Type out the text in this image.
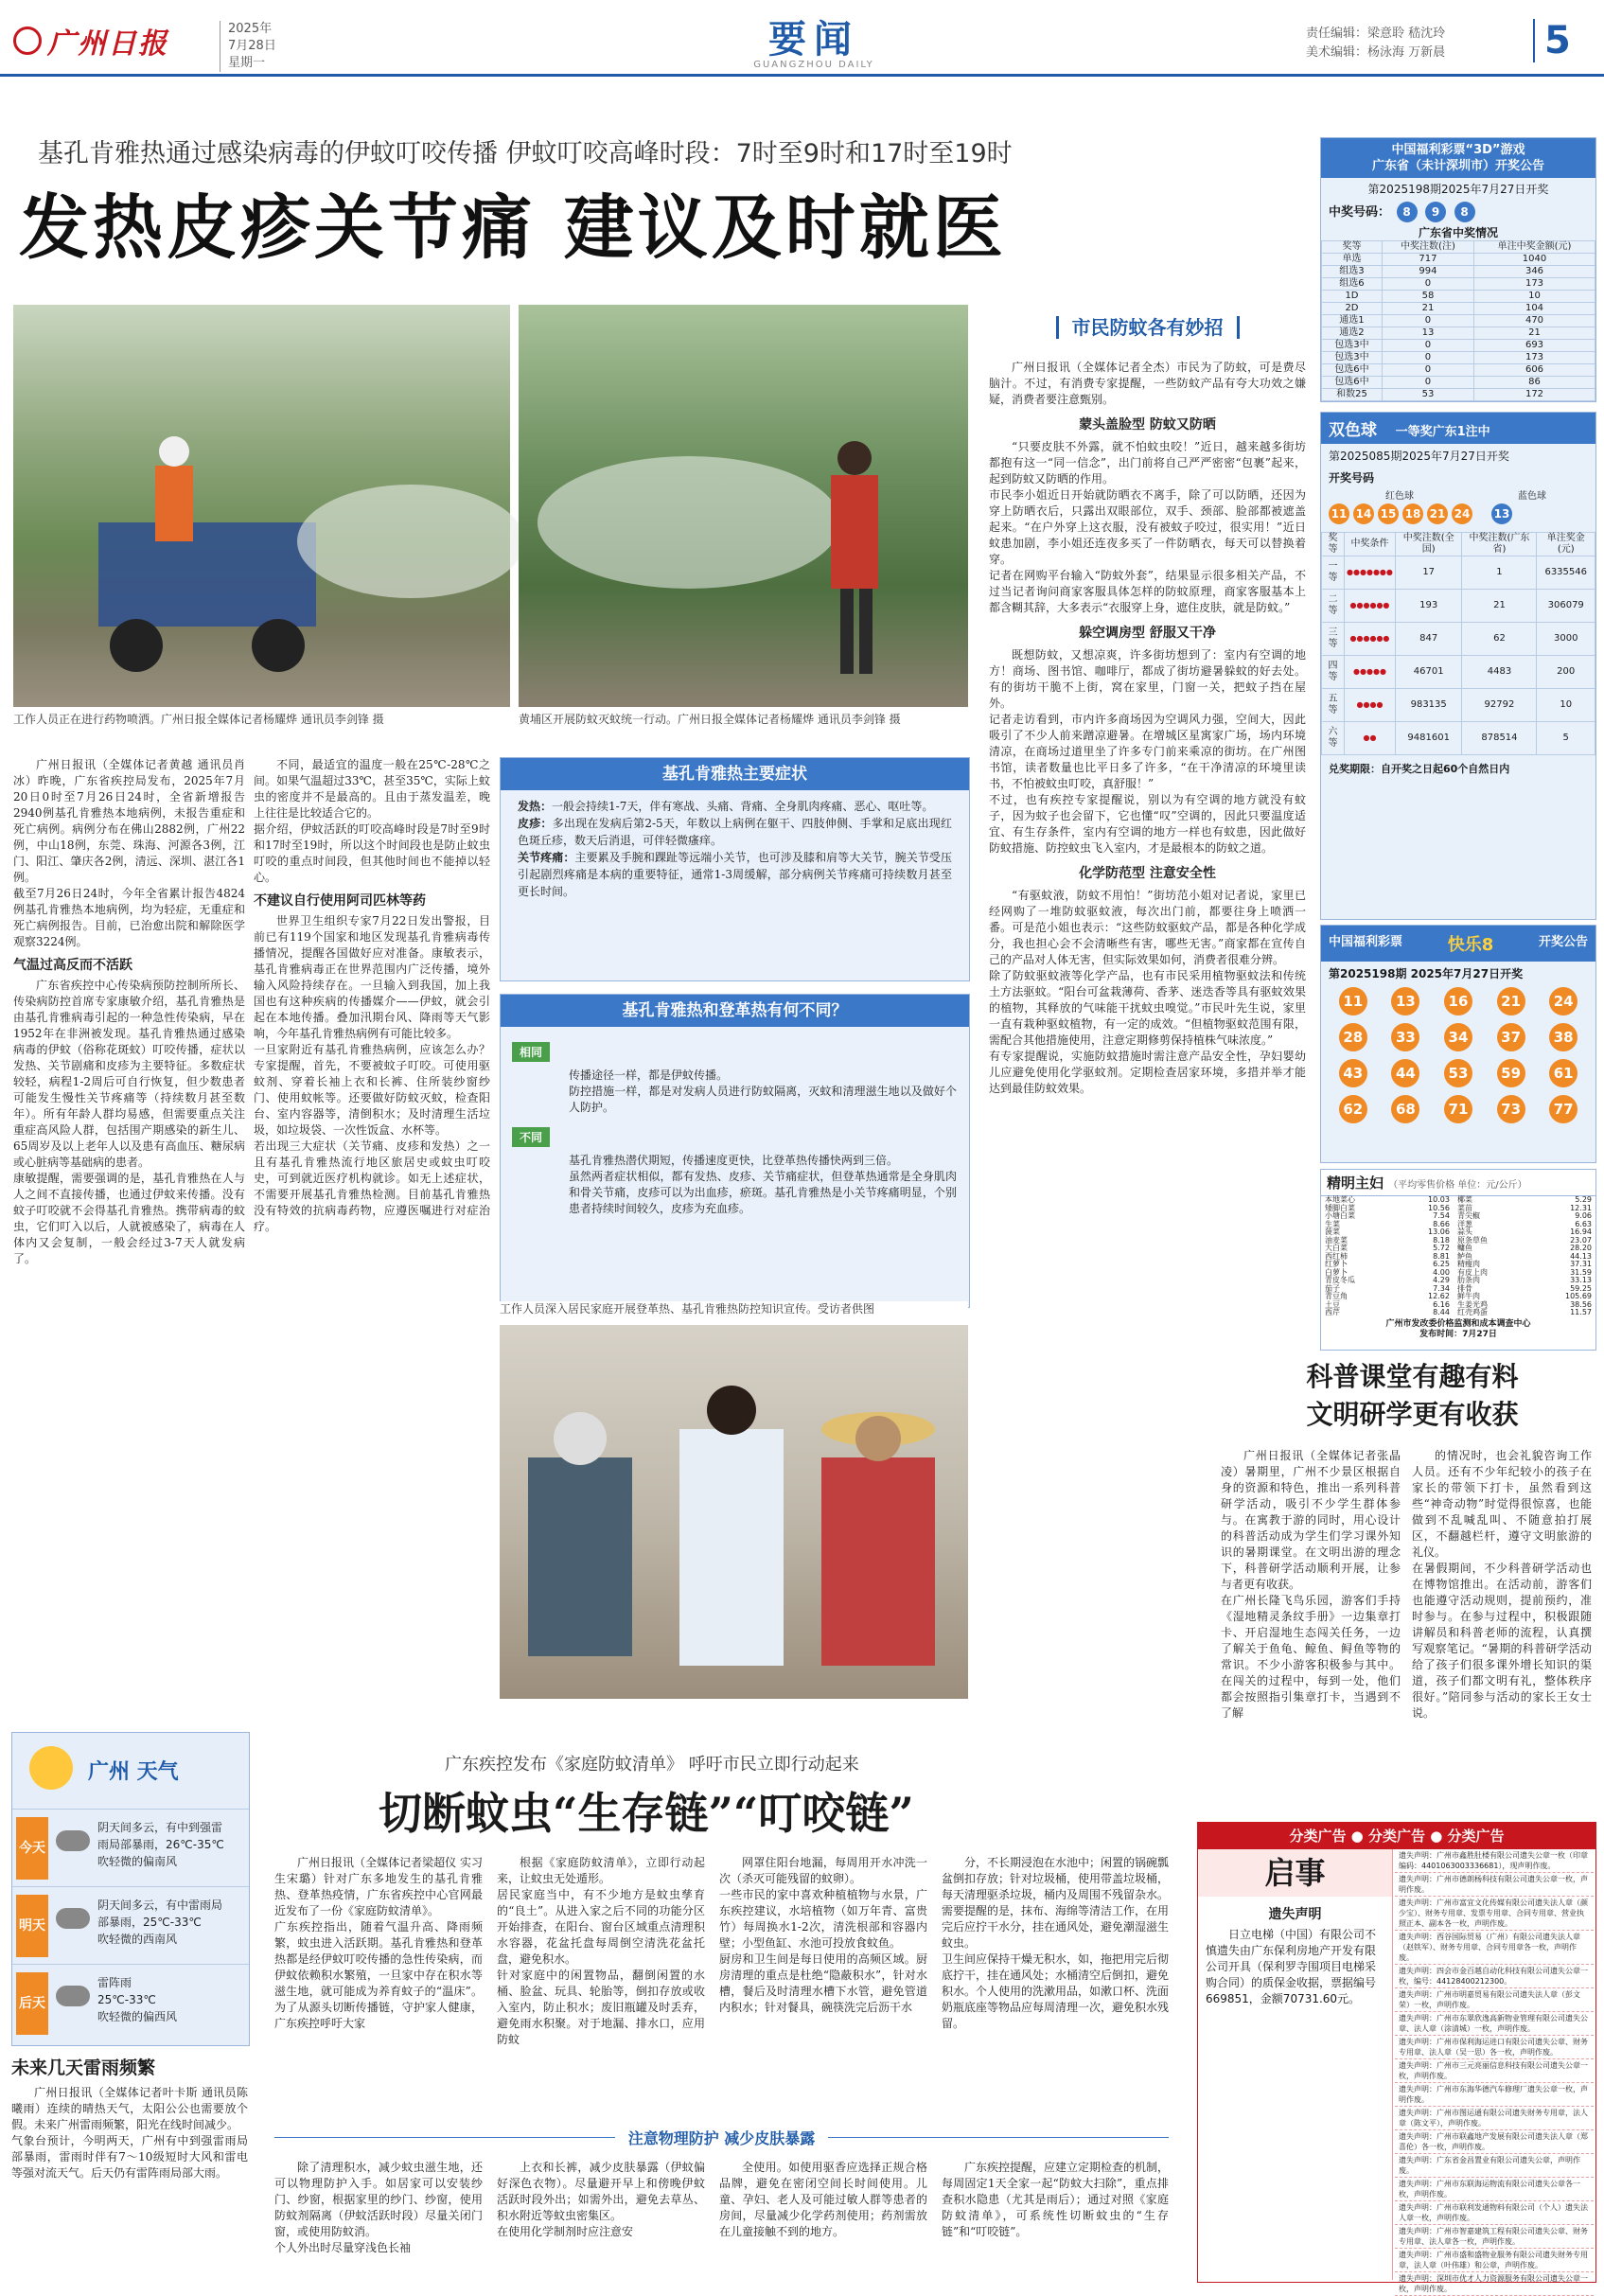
广州日报	2025年
7月28日
星期一
要闻
GUANGZHOU DAILY
责任编辑：梁意聆 嵇沈玲
美术编辑：杨泳海 万新晨	5
基孔肯雅热通过感染病毒的伊蚊叮咬传播 伊蚊叮咬高峰时段：7时至9时和17时至19时
发热皮疹关节痛 建议及时就医
工作人员正在进行药物喷洒。广州日报全媒体记者杨耀烨 通讯员李剑锋 摄	黄埔区开展防蚊灭蚊统一行动。广州日报全媒体记者杨耀烨 通讯员李剑锋 摄
广州日报讯（全媒体记者黄越 通讯员肖冰）昨晚，广东省疾控局发布，2025年7月20日0时至7月26日24时，全省新增报告2940例基孔肯雅热本地病例，未报告重症和死亡病例。病例分布在佛山2882例，广州22例，中山18例，东莞、珠海、河源各3例，江门、阳江、肇庆各2例，清远、深圳、湛江各1例。
截至7月26日24时，今年全省累计报告4824例基孔肯雅热本地病例，均为轻症，无重症和死亡病例报告。目前，已治愈出院和解除医学观察3224例。
气温过高反而不活跃
广东省疾控中心传染病预防控制所所长、传染病防控首席专家康敏介绍，基孔肯雅热是由基孔肯雅病毒引起的一种急性传染病，早在1952年在非洲被发现。基孔肯雅热通过感染病毒的伊蚊（俗称花斑蚊）叮咬传播，症状以发热、关节剧痛和皮疹为主要特征。多数症状较轻，病程1-2周后可自行恢复，但少数患者可能发生慢性关节疼痛等（持续数月甚至数年）。所有年龄人群均易感，但需要重点关注重症高风险人群，包括围产期感染的新生儿、65周岁及以上老年人以及患有高血压、糖尿病或心脏病等基础病的患者。
康敏提醒，需要强调的是，基孔肯雅热在人与人之间不直接传播，也通过伊蚊来传播。没有蚊子叮咬就不会得基孔肯雅热。携带病毒的蚊虫，它们叮入以后，人就被感染了，病毒在人体内又会复制，一般会经过3-7天人就发病了。
不同，最适宜的温度一般在25℃-28℃之间。如果气温超过33℃，甚至35℃，实际上蚊虫的密度并不是最高的。且由于蒸发温差，晚上往往是比较适合它的。
据介绍，伊蚊活跃的叮咬高峰时段是7时至9时和17时至19时，所以这个时间段也是防止蚊虫叮咬的重点时间段，但其他时间也不能掉以轻心。
不建议自行使用阿司匹林等药
世界卫生组织专家7月22日发出警报，目前已有119个国家和地区发现基孔肯雅病毒传播情况，提醒各国做好应对准备。康敏表示，基孔肯雅病毒正在世界范围内广泛传播，境外输入风险持续存在。一旦输入到我国，加上我国也有这种疾病的传播媒介——伊蚊，就会引起在本地传播。叠加汛期台风、降雨等天气影响，今年基孔肯雅热病例有可能比较多。
一旦家附近有基孔肯雅热病例，应该怎么办？专家提醒，首先，不要被蚊子叮咬。可使用驱蚊剂、穿着长袖上衣和长裤、住所装纱窗纱门、使用蚊帐等。还要做好防蚊灭蚊，检查阳台、室内容器等，清倒积水；及时清理生活垃圾，如垃圾袋、一次性饭盒、水杯等。
若出现三大症状（关节痛、皮疹和发热）之一且有基孔肯雅热流行地区旅居史或蚊虫叮咬史，可到就近医疗机构就诊。如无上述症状，不需要开展基孔肯雅热检测。目前基孔肯雅热没有特效的抗病毒药物，应遵医嘱进行对症治疗。
基孔肯雅热主要症状
发热：一般会持续1-7天，伴有寒战、头痛、背痛、全身肌肉疼痛、恶心、呕吐等。
皮疹：多出现在发病后第2-5天，年数以上病例在躯干、四肢伸侧、手掌和足底出现红色斑丘疹，数天后消退，可伴轻微瘙痒。
关节疼痛：主要累及手腕和踝趾等远端小关节，也可涉及膝和肩等大关节，腕关节受压引起剧烈疼痛是本病的重要特征，通常1-3周缓解，部分病例关节疼痛可持续数月甚至更长时间。
基孔肯雅热和登革热有何不同？
相同
传播途径一样，都是伊蚊传播。
防控措施一样，都是对发病人员进行防蚊隔离，灭蚊和清理滋生地以及做好个人防护。
不同
基孔肯雅热潜伏期短，传播速度更快，比登革热传播快两到三倍。
虽然两者症状相似，都有发热、皮疹、关节痛症状，但登革热通常是全身肌肉和骨关节痛，皮疹可以为出血疹，瘀斑。基孔肯雅热是小关节疼痛明显，个别患者持续时间较久，皮疹为充血疹。
工作人员深入居民家庭开展登革热、基孔肯雅热防控知识宣传。受访者供图
市民防蚊各有妙招
广州日报讯（全媒体记者全杰）市民为了防蚊，可是费尽脑汁。不过，有消费专家提醒，一些防蚊产品有夸大功效之嫌疑，消费者要注意甄别。
蒙头盖脸型 防蚊又防晒
“只要皮肤不外露，就不怕蚊虫咬！”近日，越来越多街坊都抱有这一“同一信念”，出门前将自己严严密密“包裹”起来，起到防蚊又防晒的作用。
市民李小姐近日开始就防晒衣不离手，除了可以防晒，还因为穿上防晒衣后，只露出双眼部位，双手、颈部、脸部都被遮盖起来。“在户外穿上这衣服，没有被蚊子咬过，很实用！”近日蚊患加剧，李小姐还连夜多买了一件防晒衣，每天可以替换着穿。
记者在网购平台输入“防蚊外套”，结果显示很多相关产品，不过当记者询问商家客服具体怎样的防蚊原理，商家客服基本上都含糊其辞，大多表示“衣服穿上身，遮住皮肤，就是防蚊。”
躲空调房型 舒服又干净
既想防蚊，又想凉爽，许多街坊想到了：室内有空调的地方！商场、图书馆、咖啡厅，都成了街坊避暑躲蚊的好去处。有的街坊干脆不上街，窝在家里，门窗一关，把蚊子挡在屋外。
记者走访看到，市内许多商场因为空调风力强，空间大，因此吸引了不少人前来蹭凉避暑。在增城区星寓家广场，场内环境清凉，在商场过道里坐了许多专门前来乘凉的街坊。在广州图书馆，读者数量也比平日多了许多，“在干净清凉的环境里读书，不怕被蚊虫叮咬，真舒服！”
不过，也有疾控专家提醒说，别以为有空调的地方就没有蚊子，因为蚊子也会留下，它也懂“叹”空调的，因此只要温度适宜、有生存条件，室内有空调的地方一样也有蚊患，因此做好防蚊措施、防控蚊虫飞入室内，才是最根本的防蚊之道。
化学防范型 注意安全性
“有驱蚊液，防蚊不用怕！”街坊范小姐对记者说，家里已经网购了一堆防蚊驱蚊液，每次出门前，都要往身上喷洒一番。可是范小姐也表示：“这些防蚊驱蚊产品，都是各种化学成分，我也担心会不会清晰些有害，哪些无害。”商家都在宣传自己的产品对人体无害，但实际效果如何，消费者很难分辨。
除了防蚊驱蚊液等化学产品，也有市民采用植物驱蚊法和传统土方法驱蚊。“阳台可盆栽薄荷、香茅、迷迭香等具有驱蚊效果的植物，其释放的气味能干扰蚊虫嗅觉。”市民叶先生说，家里一直有栽种驱蚊植物，有一定的成效。“但植物驱蚊范围有限，需配合其他措施使用，注意定期修剪保持植株气味浓度。”
有专家提醒说，实施防蚊措施时需注意产品安全性，孕妇婴幼儿应避免使用化学驱蚊剂。定期检查居家环境，多措并举才能达到最佳防蚊效果。
科普课堂有趣有料
文明研学更有收获
广州日报讯（全媒体记者张晶凌）暑期里，广州不少景区根据自身的资源和特色，推出一系列科普研学活动，吸引不少学生群体参与。在寓教于游的同时，用心设计的科普活动成为学生们学习课外知识的暑期课堂。在文明出游的理念下，科普研学活动顺利开展，让参与者更有收获。
在广州长隆飞鸟乐园，游客们手持《湿地精灵条纹手册》一边集章打卡、开启湿地生态闯关任务，一边了解关于鱼龟、鲸鱼、鲟鱼等物的常识。不少小游客积极参与其中。在闯关的过程中，每到一处，他们都会按照指引集章打卡，当遇到不了解
的情况时，也会礼貌咨询工作人员。还有不少年纪较小的孩子在家长的带领下打卡，虽然看到这些“神奇动物”时觉得很惊喜，也能做到不乱喊乱叫、不随意拍打展区，不翻越栏杆，遵守文明旅游的礼仪。
在暑假期间，不少科普研学活动也在博物馆推出。在活动前，游客们也能遵守活动规则，提前预约，准时参与。在参与过程中，积极跟随讲解员和科普老师的流程，认真撰写观察笔记。“暑期的科普研学活动给了孩子们很多课外增长知识的渠道，孩子们都文明有礼，整体秩序很好。”陪同参与活动的家长王女士说。
中国福利彩票“3D”游戏
广东省（未计深圳市）开奖公告
第2025198期2025年7月27日开奖
中奖号码： 8 9 8
广东省中奖情况
奖等	中奖注数(注)	单注中奖金额(元)
单选	717	1040
组选3	994	346
组选6	0	173
1D	58	10
2D	21	104
通选1	0	470
通选2	13	21
包选3中	0	693
包选3中	0	173
包选6中	0	606
包选6中	0	86
和数25	53	172
双色球 一等奖广东1注中
第2025085期2025年7月27日开奖
开奖号码
红色球	蓝色球
11 14 15 18 21 24 13
奖等	中奖条件	中奖注数(全国)	中奖注数(广东省)	单注奖金(元)
一等	●●●●●●●	17	1	6335546
二等	●●●●●●	193	21	306079
三等	●●●●●●	847	62	3000
四等	●●●●●	46701	4483	200
五等	●●●●	983135	92792	10
六等	●●	9481601	878514	5
兑奖期限：自开奖之日起60个自然日内
中国福利彩票	快乐8	开奖公告
第2025198期 2025年7月27日开奖
11	13	16	21	24
28	33	34	37	38
43	44	53	59	61
62	68	71	73	77
精明主妇 （平均零售价格 单位：元/公斤）
本地菜心	10.03	椰菜	5.29
矮脚白菜	10.56	菜苗	12.31
小塘白菜	7.54	青尖椒	9.06
生菜	8.66	洋葱	6.63
菠菜	13.06	蒜头	16.94
油麦菜	8.18	原条草鱼	23.07
大白菜	5.72	鳙鱼	28.20
西红柿	8.81	鲈鱼	44.13
红萝卜	6.25	精瘦肉	37.31
白萝卜	4.00	有皮上肉	31.59
青皮冬瓜	4.29	肋条肉	33.13
茄子	7.34	排骨	59.25
青豆角	12.62	鲜牛肉	105.69
土豆	6.16	生姜光鸡	38.56
西芹	8.44	红壳鸡蛋	11.57
广州市发改委价格监测和成本调查中心
发布时间：7月27日
广州 天气
今天
阴天间多云，有中到强雷
雨局部暴雨，26℃-35℃
吹轻微的偏南风
明天
阴天间多云，有中雷雨局
部暴雨，25℃-33℃
吹轻微的西南风
后天
雷阵雨
25℃-33℃
吹轻微的偏西风
未来几天雷雨频繁
广州日报讯（全媒体记者叶卡斯 通讯员陈曦雨）连续的晴热天气，太阳公公也需要放个假。未来广州雷雨频繁，阳光在线时间减少。
气象台预计，今明两天，广州有中到强雷雨局部暴雨，雷雨时伴有7～10级短时大风和雷电等强对流天气。后天仍有雷阵雨局部大雨。
广东疾控发布《家庭防蚊清单》 呼吁市民立即行动起来
切断蚊虫“生存链”“叮咬链”
广州日报讯（全媒体记者梁超仪 实习生宋璐）针对广东多地发生的基孔肯雅热、登革热疫情，广东省疾控中心官网最近发布了一份《家庭防蚊清单》。
广东疾控指出，随着气温升高、降雨频繁，蚊虫进入活跃期。基孔肯雅热和登革热都是经伊蚊叮咬传播的急性传染病，而伊蚊依赖积水繁殖，一旦家中存在积水等滋生地，就可能成为养育蚊子的“温床”。为了从源头切断传播链，守护家人健康，广东疾控呼吁大家
根据《家庭防蚊清单》，立即行动起来，让蚊虫无处遁形。
居民家庭当中，有不少地方是蚊虫孳育的“良土”。从进入家之后不同的功能分区开始排查，在阳台、窗台区域重点清理积水容器，花盆托盘每周倒空清洗花盆托盘，避免积水。
针对家庭中的闲置物品，翻倒闲置的水桶、脸盆、玩具、轮胎等，倒扣存放或收入室内，防止积水；废旧瓶罐及时丢弃，避免雨水积聚。对于地漏、排水口，应用防蚊
网罩住阳台地漏，每周用开水冲洗一次（杀灭可能残留的蚊卵）。
一些市民的家中喜欢种植植物与水景，广东疾控建议，水培植物（如万年青、富贵竹）每周换水1-2次，清洗根部和容器内壁；小型鱼缸、水池可投放食蚊鱼。
厨房和卫生间是每日使用的高频区域。厨房清理的重点是杜绝“隐蔽积水”，针对水槽，餐后及时清理水槽下水管，避免管道内积水；针对餐具，碗筷洗完后沥干水
分，不长期浸泡在水池中；闲置的锅碗瓢盆倒扣存放；针对垃圾桶，使用带盖垃圾桶，每天清理驱杀垃圾，桶内及周围不残留杂水。需要提醒的是，抹布、海绵等清洁工作，在用完后应拧干水分，挂在通风处，避免潮湿滋生蚊虫。
卫生间应保持干燥无积水，如，拖把用完后彻底拧干，挂在通风处；水桶清空后倒扣，避免积水。个人使用的洗漱用品，如漱口杯、洗面奶瓶底座等物品应每周清理一次，避免积水残留。
注意物理防护 减少皮肤暴露
除了清理积水，减少蚊虫滋生地，还可以物理防护入手。如居家可以安装纱门、纱窗，根据家里的纱门、纱窗，使用防蚊剂隔离（伊蚊活跃时段）尽量关闭门窗，或使用防蚊消。
个人外出时尽量穿浅色长袖
上衣和长裤，减少皮肤暴露（伊蚊偏好深色衣物）。尽量避开早上和傍晚伊蚊活跃时段外出；如需外出，避免去草丛、积水附近等蚊虫密集区。
在使用化学制剂时应注意安
全使用。如使用驱香应选择正规合格品牌，避免在密闭空间长时间使用。儿童、孕妇、老人及可能过敏人群等患者的房间，尽量减少化学药剂使用；药剂需放在儿童接触不到的地方。
广东疾控提醒，应建立定期检查的机制，每周固定1天全家一起“防蚊大扫除”，重点排查积水隐患（尤其是雨后）；通过对照《家庭防蚊清单》，可系统性切断蚊虫的“生存链”和“叮咬链”。
分类广告 ● 分类广告 ● 分类广告
启事
遗失声明
日立电梯（中国）有限公司不慎遗失由广东保利房地产开发有限公司开具（保利罗寺围项目电梯采购合同）的质保金收据，票据编号669851，金额70731.60元。
遗失声明：广州市鑫胜肚楼有限公司遗失公章一枚（印章编码：4401063003336681），现声明作废。
遗失声明：广州市德朗杨科技有限公司遗失公章一枚，声明作废。
遗失声明：广州市富宜文化传媒有限公司遗失法人章（颜少宝）、财务专用章、发票专用章、合同专用章、营业执照正本、副本各一枚，声明作废。
遗失声明：西谷国际贸易（广州）有限公司遗失法人章（赵铁军）、财务专用章、合同专用章各一枚，声明作废。
遗失声明：四会市金百越自动化科技有限公司遗失公章一枚，编号：44128400212300。
遗失声明：广州市明嘉贸易有限公司遗失法人章（彭文荣）一枚，声明作废。
遗失声明：广州市东翠欣逸高新物业管理有限公司遗失公章、法人章（涂清城）一枚，声明作废。
遗失声明：广州市保利海运进口有限公司遗失公章、财务专用章、法人章（吴一思）各一枚，声明作废。
遗失声明：广州市三元亮丽信息科技有限公司遗失公章一枚，声明作废。
遗失声明：广州市东海华德汽车修理厂遗失公章一枚，声明作废。
遗失声明：广州市图运通有限公司遗失财务专用章，法人章（陈文平），声明作废。
遗失声明：广州市联鑫地产发展有限公司遗失法人章（郑喜伦）各一枚，声明作废。
遗失声明：广东省金昌置业有限公司遗失公章，声明作废。
遗失声明：广州市东联海运物流有限公司遗失公章各一枚，声明作废。
遗失声明：广州市联利发通物料有限公司（个人）遗失法人章一枚，声明作废。
遗失声明：广州市智嘉建筑工程有限公司遗失公章、财务专用章、法人章各一枚，声明作废。
遗失声明：广州市盛和盛物业服务有限公司遗失财务专用章，法人章（叶伟雄）和公章，声明作废。
遗失声明：深圳市优才人力资源服务有限公司遗失公章一枚，声明作废。
